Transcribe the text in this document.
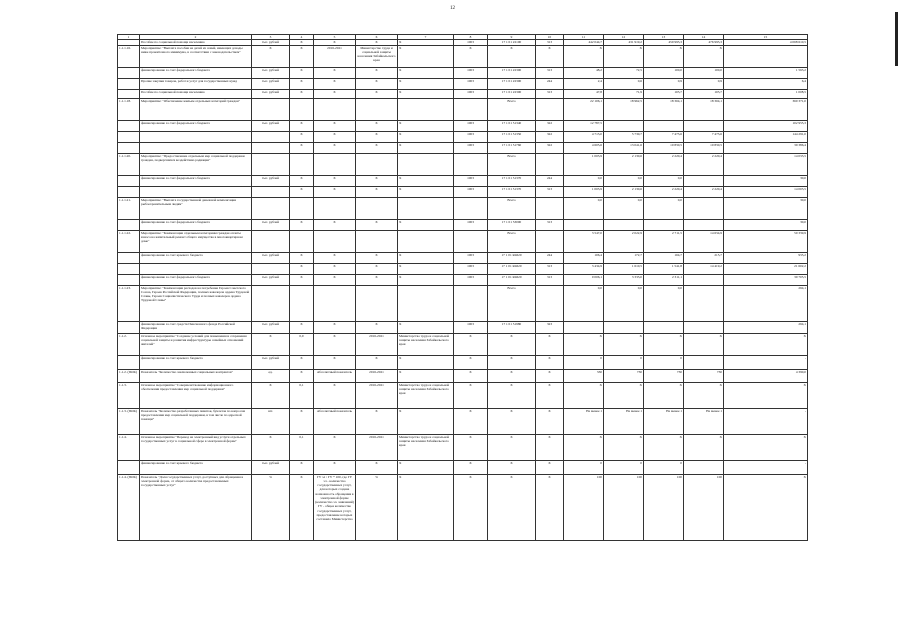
12
1	2	3	4	5	6	7	8	9	10	11	12	13	14	15
	Пособие по социальной помощи населению	тыс. рублей	Х	Х	Х	Х	1003	17 1 01 22100	313	442 044,7	431 919,2	459 993,3	476 993,3	4 068 610,5
1.1.1.16.	Мероприятие: "Выплата пособия на детей из семей, имеющих доходы ниже прожиточного минимума, в соответствии с законодательством"	Х	Х	2016-2021	Министерство труда и социальной защиты населения Забайкальского края	Х	Х	Х	Х	Х	Х	Х	Х	
	финансирование за счет федерального бюджета	тыс. рублей	Х	Х	Х	Х	1003	17 1 01 22300	313	48,2	72,5	100,0	100,0	1 563,2
	Прочие закупки товаров, работ и услуг для государственных нужд	тыс. рублей	Х	Х	Х	Х	1003	17 1 01 22300	244	2,4	0,6	0,9	0,9	6,4
	Пособие по социальной помощи населению	тыс. рублей	Х	Х	Х	Х	1003	17 1 01 22300	313	47,8	71,9	103,7	103,7	1 008,5
1.1.1.18.	Мероприятие: "Обеспечение жильем отдельных категорий граждан"							Всего		22 106,1	18 962,5	18 304,1	18 304,1	360 371,0
	финансирование за счет федерального бюджета	тыс. рублей	Х	Х	Х	Х	1003	17 1 01 51340	322	12 787,5				102 955,3
			Х	Х	Х	Х	1003	17 1 01 51350	322	4 713,0	5 730,7	7 473,6	7 473,6	144 291,0
			Х	Х	Х	Х	1003	17 1 01 51760	322	4 605,6	13 041,6	10 830,5	10 830,5	39 386,4
1.1.1.20.	Мероприятие: "Предоставление отдельным мер социальной поддержки граждан, подвергшихся воздействию радиации"							Всего		1 003,9	2 130,6	2 220,4	2 220,4	14 033,5
	финансирование за счет федерального бюджета	тыс. рублей	Х	Х	Х	Х	1003	17 1 01 51370	244	0,0	0,0	0,0		30,0
			Х	Х	Х	Х	1003	17 1 01 51370	313	1 003,9	2 130,6	2 220,4	2 220,4	14 003,5
1.1.1.21.	Мероприятие: "Выплата государственной денежной компенсации рыбоохранительным людям"							Всего		0,0	0,0	0,0		30,0
	финансирование за счет федерального бюджета	тыс. рублей	Х	Х	Х	Х	1003	17 1 01 53000	313					30,0
1.1.1.22.	Мероприятие: "Компенсация отдельным категориям граждан оплаты взноса на капитальный ремонт общего имущества в многоквартирном доме"							Всего		3 547,0	2 022,9	2 711,5	14 634,9	50 339,9
	финансирование за счет краевого бюджета	тыс. рублей	Х	Х	Х	Х	1003	17 1 01 R4620	244	106,4	172,7	104,7	215,7	935,2
			Х	Х	Х	Х	1003	17 1 01 R4620	313	3 434,9	1 610,5	1 541,8	14 419,2	21 602,2
	финансирование за счет федерального бюджета	тыс. рублей	Х	Х	Х	Х	1003	17 1 01 R4620	313	0 006,1	3 333,0	2 311,1		30 705,5
1.1.1.23.	Мероприятие: "Компенсация расходов на погребение Героев Советского Союза, Героев Российской Федерации, полных кавалеров ордена Трудовой Славы, Героев Социалистического Труда и полных кавалеров ордена Трудовой Славы"							Всего		0,0	0,0	0,0		294,1
	финансирование за счет средств Пенсионного фонда Российской Федерации	тыс. рублей	Х	Х	Х	Х	1003	17 1 01 51980	323					294,1
1.1.2.	Основное мероприятие "Создание условий для повышения и сохранения социальной защиты и развития инфраструктуры семейных отношений жителей"	Х	0,0	Х	2016-2021	Министерство труда и социальной защиты населения Забайкальского края	Х	Х	Х	Х	Х	Х	Х	Х
	финансирование за счет краевого бюджета	тыс. рублей	Х	Х	Х	Х	Х	Х	Х	0	0	0		-
1.1.2. (ПОК)	Показатель "Количество заключенных социальных контрактов"	ед.	Х	Абсолютный показатель	2016-2021	Х	Х	Х	Х	330	730	730	730	4 390,0
1.1.3.	Основное мероприятие "Совершенствование информационного обеспечения предоставления мер социальной поддержки"	Х	0,1	Х	2016-2021	Министерство труда и социальной защиты населения Забайкальского края	Х	Х	Х	Х	Х	Х	Х	Х
1.1.3. (ПОК)	Показатель "Количество разработанных памяток, буклетов по вопросам предоставления мер социальной поддержки, в том числе по адресной помощи"	шт.	Х	Абсолютный показатель	Х	Х	Х	Х	Х	Не менее 1	Не менее 1	Не менее 1	Не менее 1	-
1.1.4.	Основное мероприятие "Перевод на электронный вид услуги отдельных государственных услуг в социальной сфере в электронной форме"	Х	0,1	Х	2016-2021	Министерство труда и социальной защиты населения Забайкальского края	Х	Х	Х	Х	Х	Х	Х	Х
	финансирование за счет краевого бюджета	тыс. рублей	Х	Х	Х	Х	Х	Х	Х	0	0	0		-
1.1.4. (ПОК)	Показатель "Доля государственных услуг, доступных для обращения в электронной форме, от общего количества предоставляемых государственных услуг"	%	Х	ГУ эл / ГУ * 100, где ГУ эл - количество государственных услуг, для которых создана возможность обращения в электронной форме (количество эл. заявлений) ГУ - общее количество государственных услуг, предоставление которых составило Министерство	%	Х	Х	Х	Х	100	100	100	100	Х
